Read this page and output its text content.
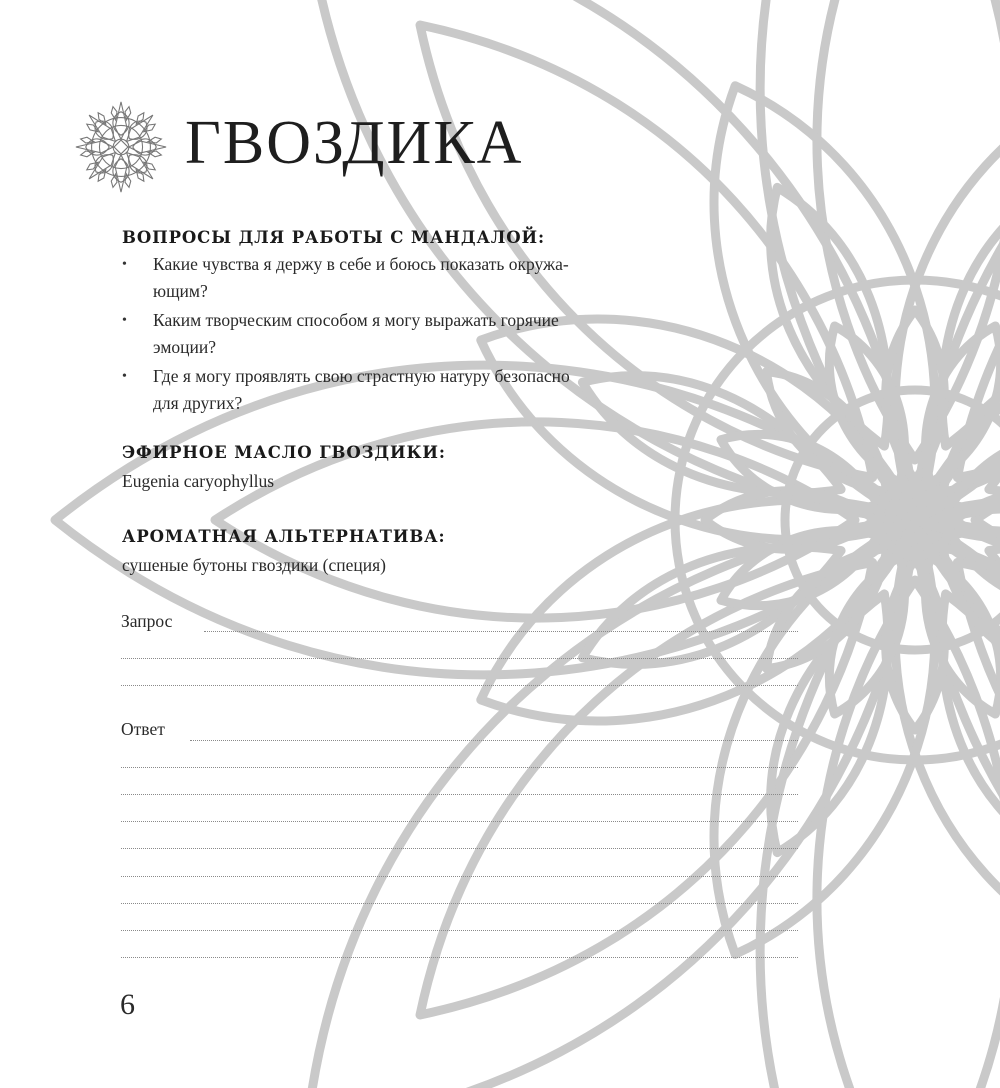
ГВОЗДИКА
ВОПРОСЫ ДЛЯ РАБОТЫ С МАНДАЛОЙ:
• Какие чувства я держу в себе и боюсь показать окружа-
ющим?
• Каким творческим способом я могу выражать горячие
эмоции?
• Где я могу проявлять свою страстную натуру безопасно
для других?
ЭФИРНОЕ МАСЛО ГВОЗДИКИ:

Eugenia caryophyllus

АРОМАТНАЯ АЛЬТЕРНАТИВА:

сушеные бутоны гвоздики (специя)

Запрос
Ответ

6
